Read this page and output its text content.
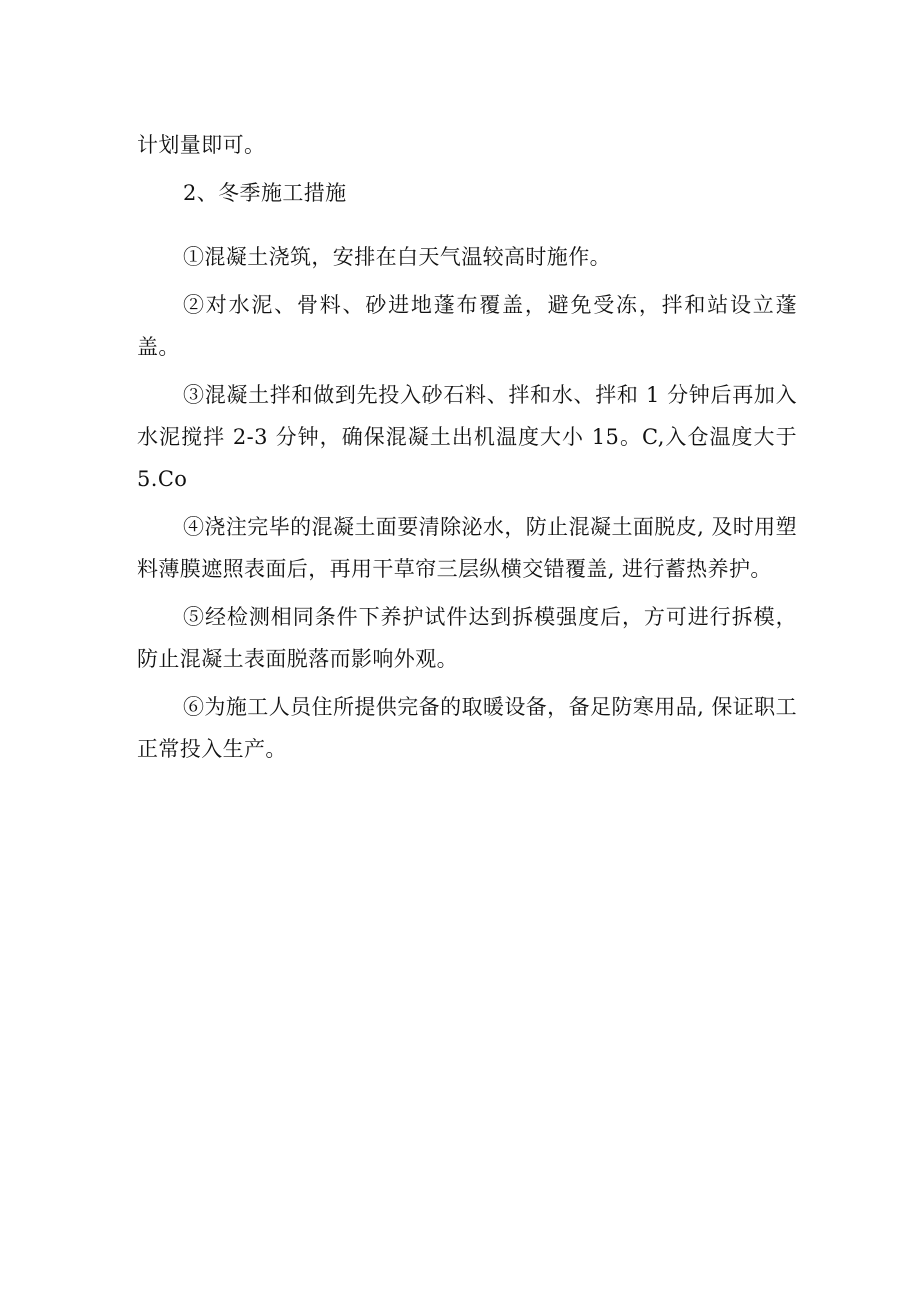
计划量即可。

2、冬季施工措施

①混凝土浇筑，安排在白天气温较高时施作。

②对水泥、骨料、砂进地蓬布覆盖，避免受冻，拌和站设立蓬盖。

③混凝土拌和做到先投入砂石料、拌和水、拌和 1 分钟后再加入水泥搅拌 2-3 分钟，确保混凝土出机温度大小 15。C,入仓温度大于 5.Co

④浇注完毕的混凝土面要清除泌水，防止混凝土面脱皮, 及时用塑料薄膜遮照表面后，再用干草帘三层纵横交错覆盖, 进行蓄热养护。

⑤经检测相同条件下养护试件达到拆模强度后，方可进行拆模，防止混凝土表面脱落而影响外观。

⑥为施工人员住所提供完备的取暖设备，备足防寒用品, 保证职工正常投入生产。
